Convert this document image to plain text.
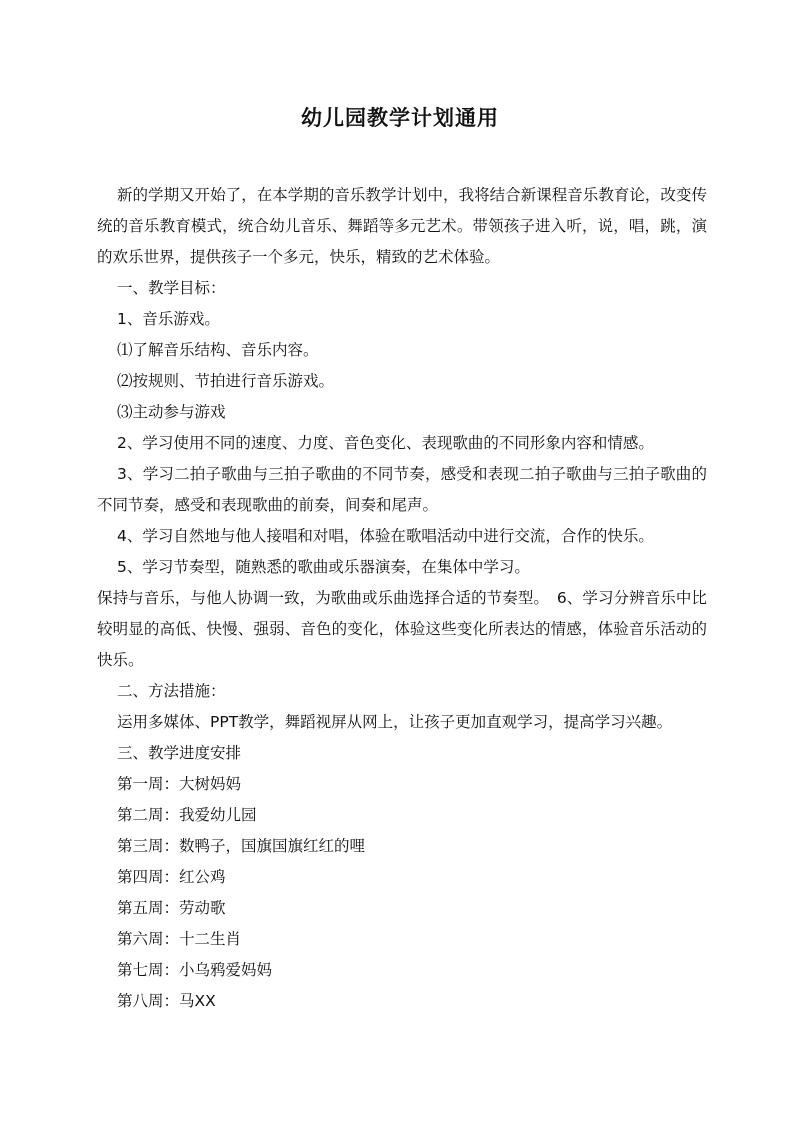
幼儿园教学计划通用

新的学期又开始了，在本学期的音乐教学计划中，我将结合新课程音乐教育论，改变传统的音乐教育模式，统合幼儿音乐、舞蹈等多元艺术。带领孩子进入听，说，唱，跳，演的欢乐世界，提供孩子一个多元，快乐，精致的艺术体验。

一、教学目标：

1、音乐游戏。

⑴了解音乐结构、音乐内容。

⑵按规则、节拍进行音乐游戏。

⑶主动参与游戏

2、学习使用不同的速度、力度、音色变化、表现歌曲的不同形象内容和情感。

3、学习二拍子歌曲与三拍子歌曲的不同节奏，感受和表现二拍子歌曲与三拍子歌曲的不同节奏，感受和表现歌曲的前奏，间奏和尾声。

4、学习自然地与他人接唱和对唱，体验在歌唱活动中进行交流，合作的快乐。

5、学习节奏型，随熟悉的歌曲或乐器演奏，在集体中学习。

保持与音乐，与他人协调一致，为歌曲或乐曲选择合适的节奏型。　6、学习分辨音乐中比较明显的高低、快慢、强弱、音色的变化，体验这些变化所表达的情感，体验音乐活动的快乐。

二、方法措施：

运用多媒体、PPT教学，舞蹈视屏从网上，让孩子更加直观学习，提高学习兴趣。

三、教学进度安排

第一周：大树妈妈

第二周：我爱幼儿园

第三周：数鸭子，国旗国旗红红的哩

第四周：红公鸡

第五周：劳动歌

第六周：十二生肖

第七周：小乌鸦爱妈妈

第八周：马XX
